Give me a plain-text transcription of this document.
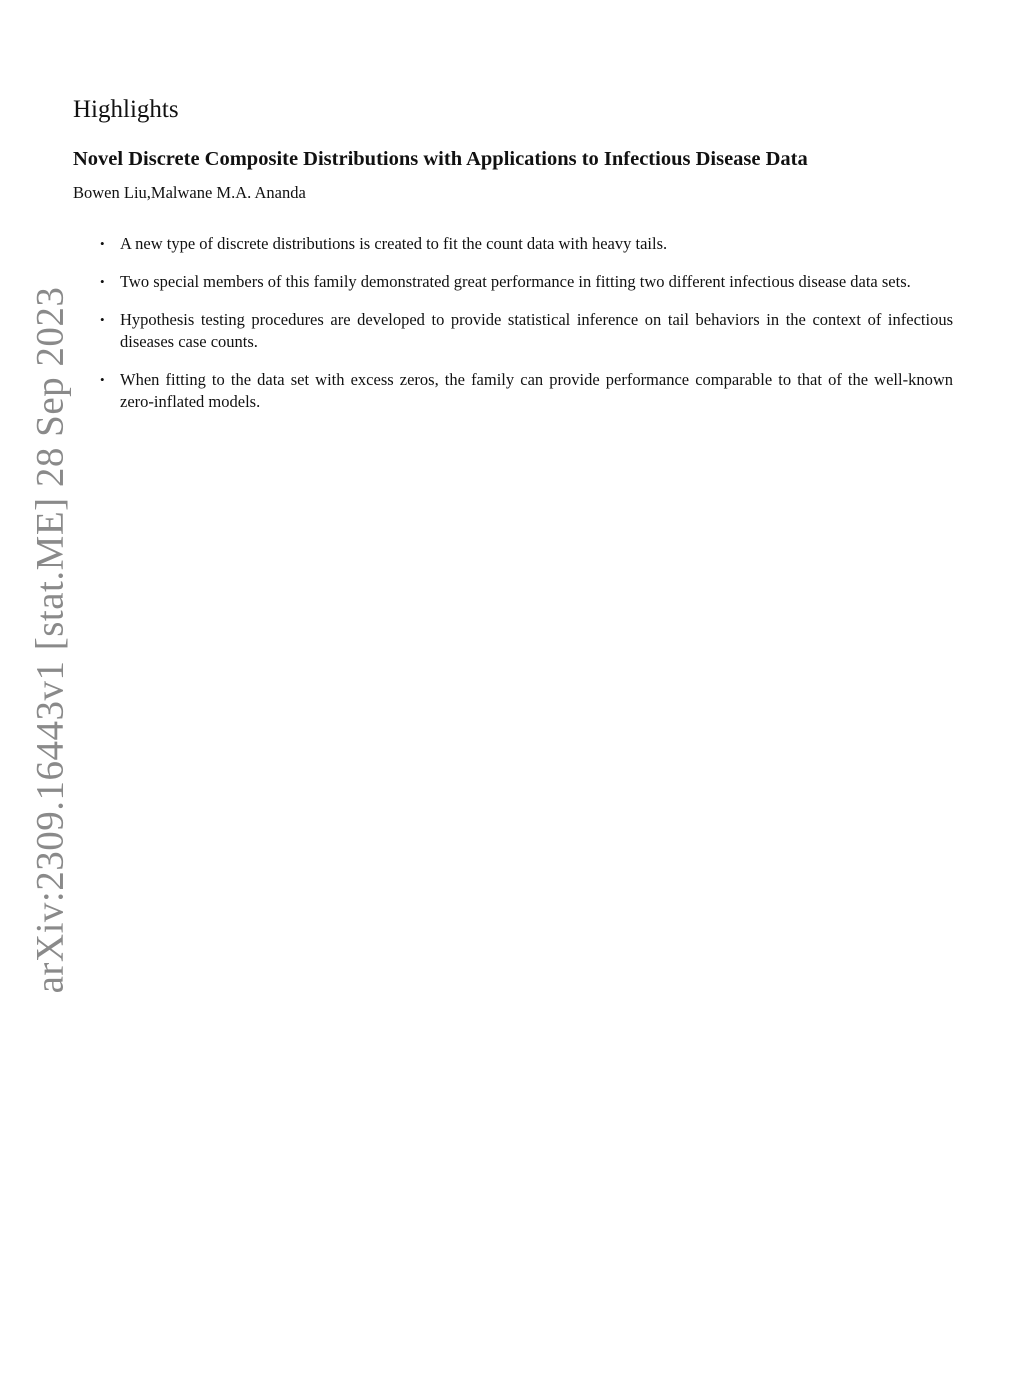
arXiv:2309.16443v1 [stat.ME] 28 Sep 2023
Highlights
Novel Discrete Composite Distributions with Applications to Infectious Disease Data

Bowen Liu,Malwane M.A. Ananda

• A new type of discrete distributions is created to fit the count data with heavy tails.
• Two special members of this family demonstrated great performance in fitting two different infectious disease data sets.
• Hypothesis testing procedures are developed to provide statistical inference on tail behaviors in the context of infectious diseases case counts.
• When fitting to the data set with excess zeros, the family can provide performance comparable to that of the well-known zero-inflated models.
